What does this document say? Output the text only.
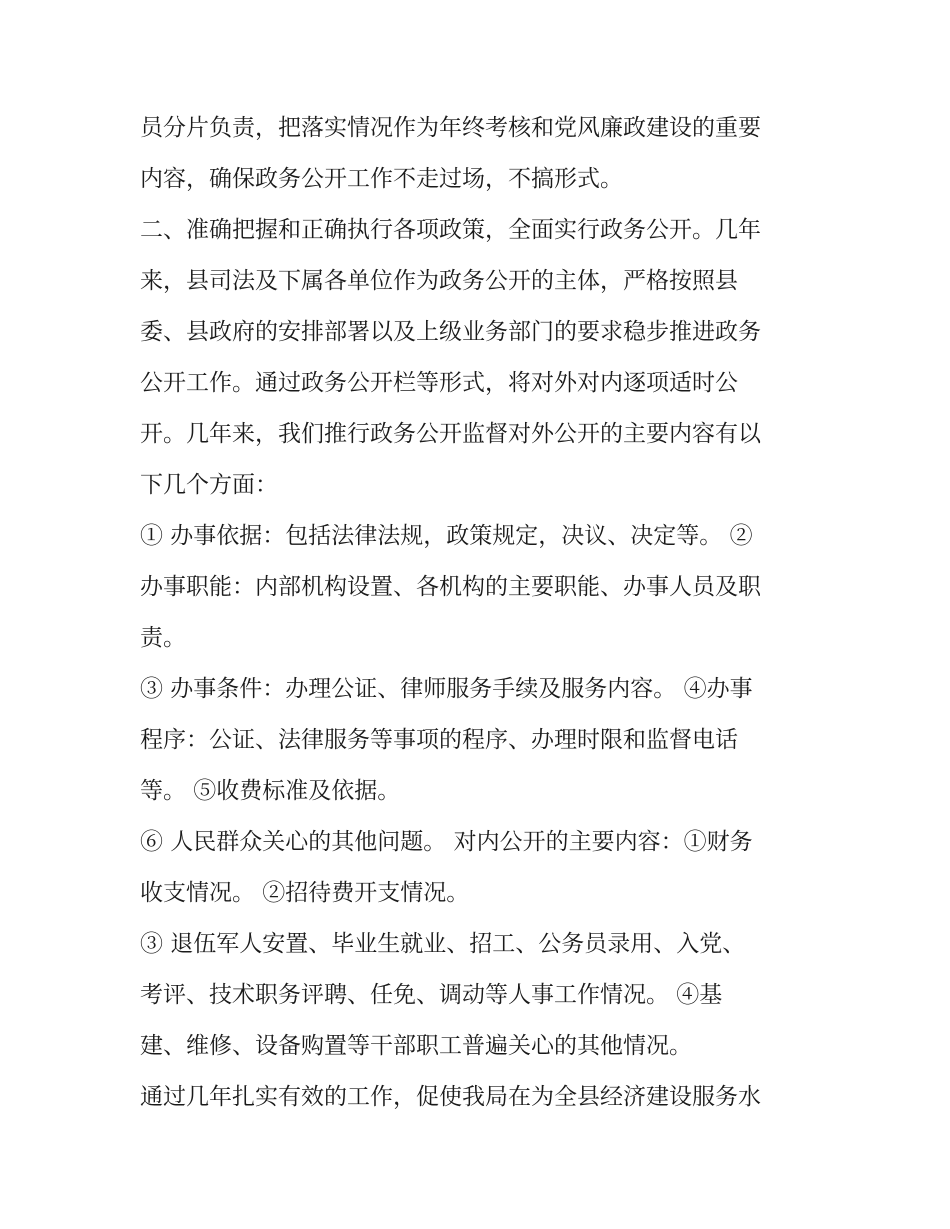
员分片负责，把落实情况作为年终考核和党风廉政建设的重要
内容，确保政务公开工作不走过场，不搞形式。
二、准确把握和正确执行各项政策，全面实行政务公开。几年
来，县司法及下属各单位作为政务公开的主体，严格按照县
委、县政府的安排部署以及上级业务部门的要求稳步推进政务
公开工作。通过政务公开栏等形式，将对外对内逐项适时公
开。几年来，我们推行政务公开监督对外公开的主要内容有以
下几个方面：
① 办事依据：包括法律法规，政策规定，决议、决定等。 ②
办事职能：内部机构设置、各机构的主要职能、办事人员及职
责。
③ 办事条件：办理公证、律师服务手续及服务内容。 ④办事
程序：公证、法律服务等事项的程序、办理时限和监督电话
等。 ⑤收费标准及依据。
⑥ 人民群众关心的其他问题。 对内公开的主要内容：①财务
收支情况。 ②招待费开支情况。
③ 退伍军人安置、毕业生就业、招工、公务员录用、入党、
考评、技术职务评聘、任免、调动等人事工作情况。 ④基
建、维修、设备购置等干部职工普遍关心的其他情况。
通过几年扎实有效的工作，促使我局在为全县经济建设服务水
